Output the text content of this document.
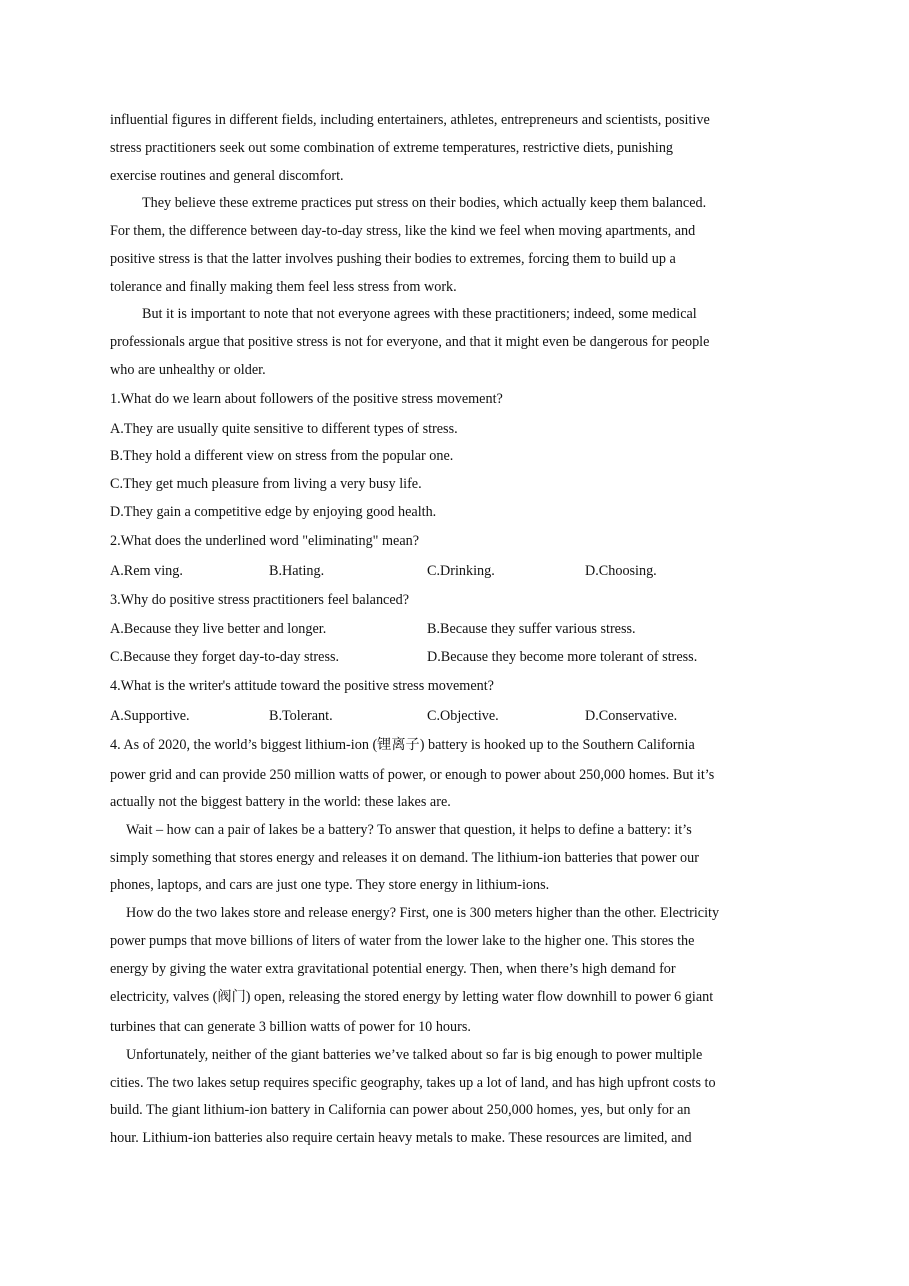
influential figures in different fields, including entertainers, athletes, entrepreneurs and scientists, positive
stress practitioners seek out some combination of extreme temperatures, restrictive diets, punishing
exercise routines and general discomfort.
They believe these extreme practices put stress on their bodies, which actually keep them balanced.
For them, the difference between day-to-day stress, like the kind we feel when moving apartments, and
positive stress is that the latter involves pushing their bodies to extremes, forcing them to build up a
tolerance and finally making them feel less stress from work.
But it is important to note that not everyone agrees with these practitioners; indeed, some medical
professionals argue that positive stress is not for everyone, and that it might even be dangerous for people
who are unhealthy or older.
1.What do we learn about followers of the positive stress movement?
A.They are usually quite sensitive to different types of stress.
B.They hold a different view on stress from the popular one.
C.They get much pleasure from living a very busy life.
D.They gain a competitive edge by enjoying good health.
2.What does the underlined word "eliminating" mean?
A.Rem ving.	B.Hating.	C.Drinking.	D.Choosing.
3.Why do positive stress practitioners feel balanced?
A.Because they live better and longer.	B.Because they suffer various stress.
C.Because they forget day-to-day stress.	D.Because they become more tolerant of stress.
4.What is the writer's attitude toward the positive stress movement?
A.Supportive.	B.Tolerant.	C.Objective.	D.Conservative.
4. As of 2020, the world’s biggest lithium-ion (锂离子) battery is hooked up to the Southern California
power grid and can provide 250 million watts of power, or enough to power about 250,000 homes. But it’s
actually not the biggest battery in the world: these lakes are.
Wait – how can a pair of lakes be a battery? To answer that question, it helps to define a battery: it’s
simply something that stores energy and releases it on demand. The lithium-ion batteries that power our
phones, laptops, and cars are just one type. They store energy in lithium-ions.
How do the two lakes store and release energy? First, one is 300 meters higher than the other. Electricity
power pumps that move billions of liters of water from the lower lake to the higher one. This stores the
energy by giving the water extra gravitational potential energy. Then, when there’s high demand for
electricity, valves (阀门) open, releasing the stored energy by letting water flow downhill to power 6 giant
turbines that can generate 3 billion watts of power for 10 hours.
Unfortunately, neither of the giant batteries we’ve talked about so far is big enough to power multiple
cities. The two lakes setup requires specific geography, takes up a lot of land, and has high upfront costs to
build. The giant lithium-ion battery in California can power about 250,000 homes, yes, but only for an
hour. Lithium-ion batteries also require certain heavy metals to make. These resources are limited, and
